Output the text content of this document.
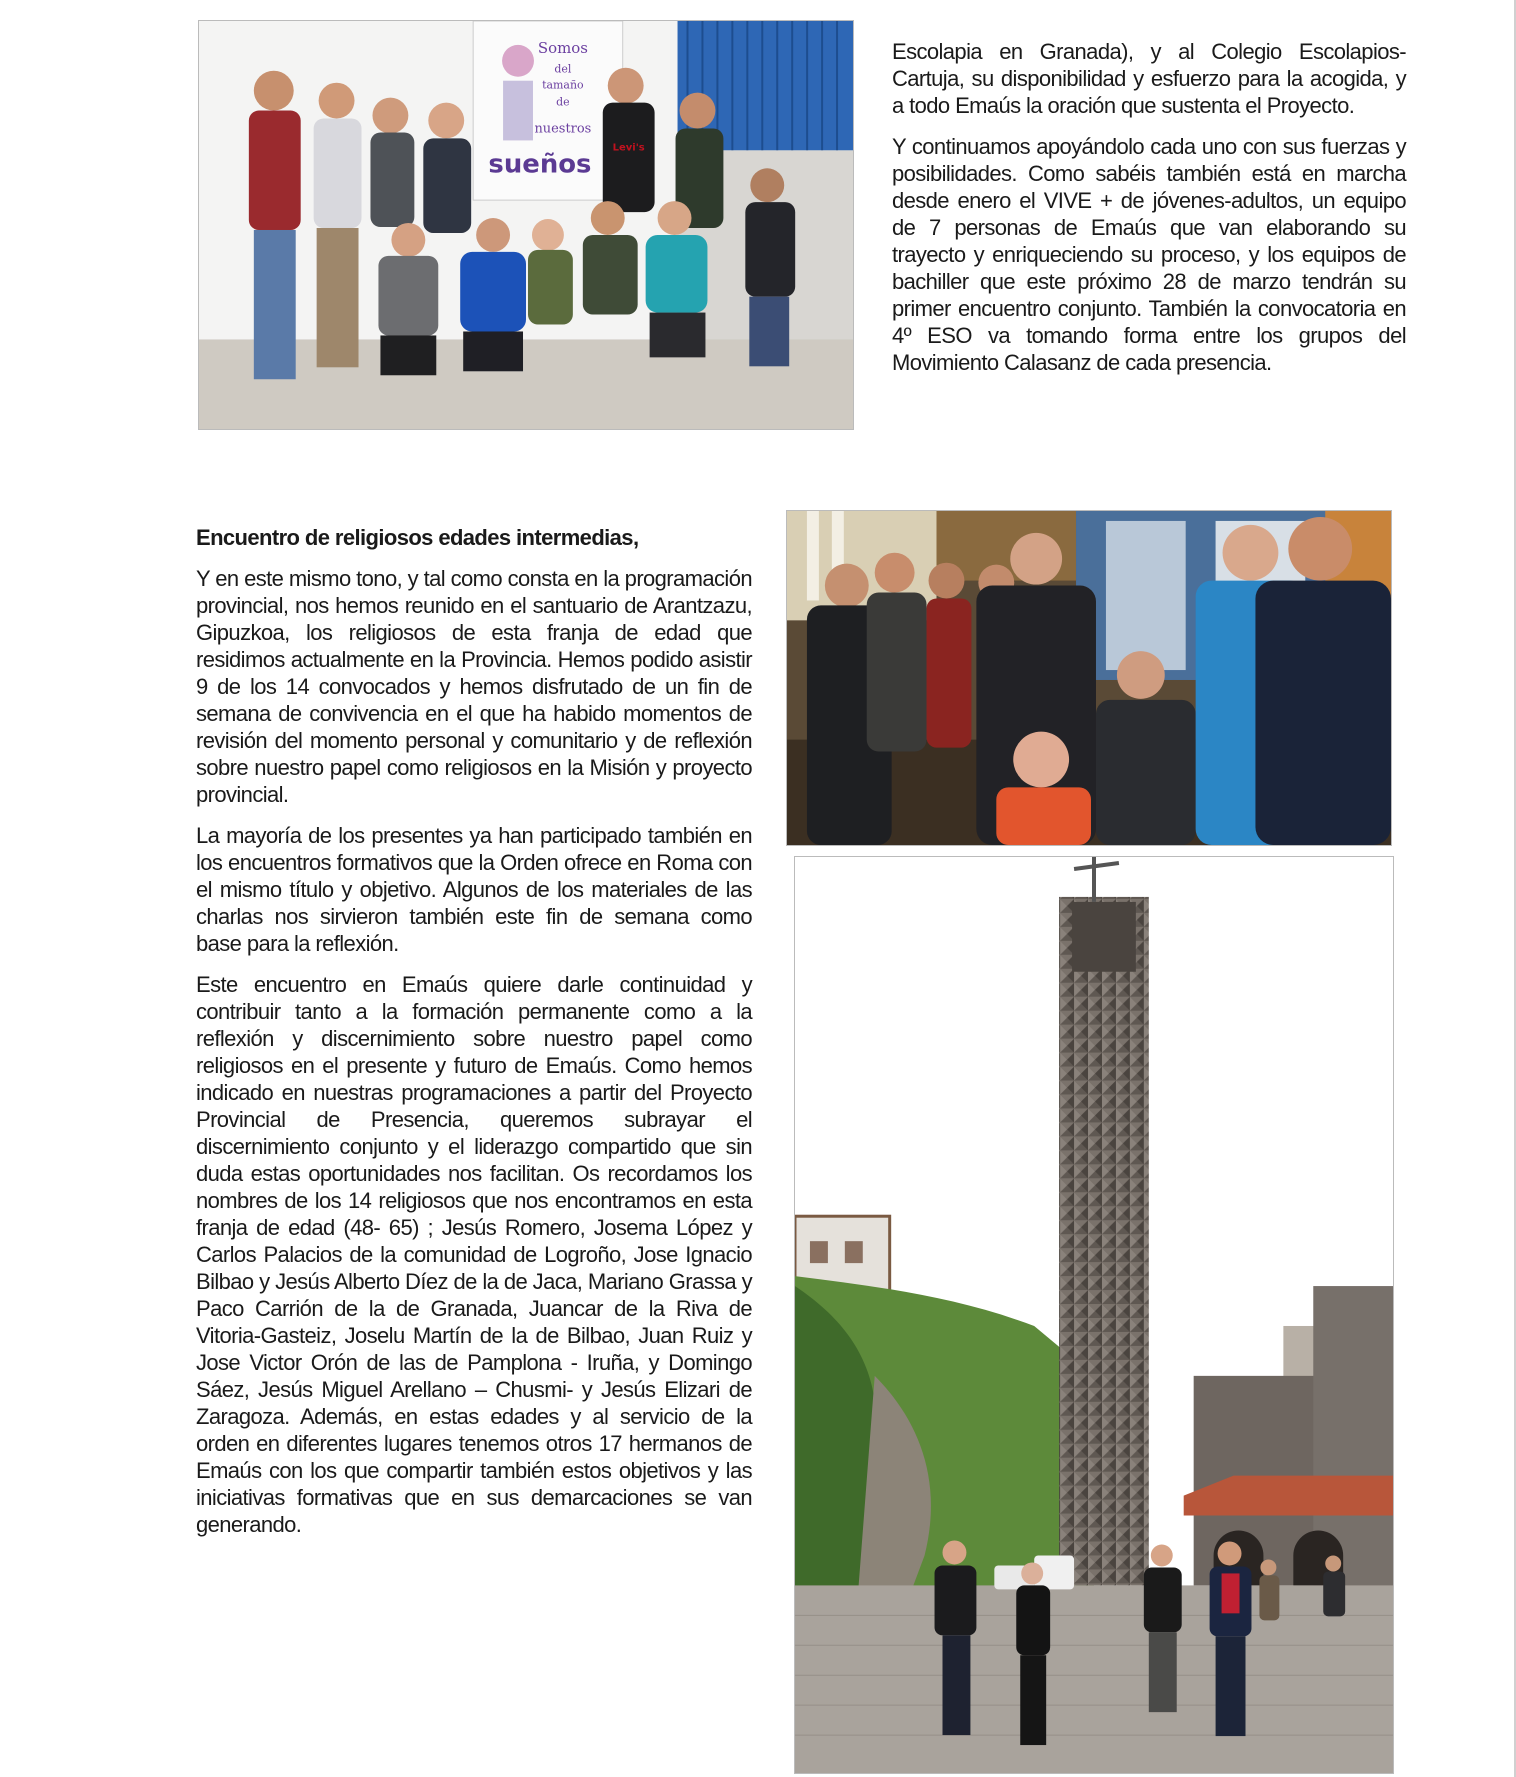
Somos
del
tamaño
de
nuestros
sueños
Levi's

Escolapia en Granada), y al Colegio Escolapios-Cartuja, su disponibilidad y esfuerzo para la acogida, y a todo Emaús la oración que sustenta el Proyecto.

Y continuamos apoyándolo cada uno con sus fuerzas y posibilidades. Como sabéis también está en marcha desde enero el VIVE + de jóvenes-adultos, un equipo de 7 personas de Emaús que van elaborando su trayecto y enriqueciendo su proceso, y los equipos de bachiller que este próximo 28 de marzo tendrán su primer encuentro conjunto. También la convocatoria en 4º ESO va tomando forma entre los grupos del Movimiento Calasanz de cada presencia.

Encuentro de religiosos edades intermedias,

Y en este mismo tono, y tal como consta en la programación provincial, nos hemos reunido en el santuario de Arantzazu, Gipuzkoa, los religiosos de esta franja de edad que residimos actualmente en la Provincia. Hemos podido asistir 9 de los 14 convocados y hemos disfrutado de un fin de semana de convivencia en el que ha habido momentos de revisión del momento personal y comunitario y de reflexión sobre nuestro papel como religiosos en la Misión y proyecto provincial.

La mayoría de los presentes ya han participado también en los encuentros formativos que la Orden ofrece en Roma con el mismo título y objetivo. Algunos de los materiales de las charlas nos sirvieron también este fin de semana como base para la reflexión.

Este encuentro en Emaús quiere darle continuidad y contribuir tanto a la formación permanente como a la reflexión y discernimiento sobre nuestro papel como religiosos en el presente y futuro de Emaús. Como hemos indicado en nuestras programaciones a partir del Proyecto Provincial de Presencia, queremos subrayar el discernimiento conjunto y el liderazgo compartido que sin duda estas oportunidades nos facilitan. Os recordamos los nombres de los 14 religiosos que nos encontramos en esta franja de edad (48- 65) ; Jesús Romero, Josema López y Carlos Palacios de la comunidad de Logroño, Jose Ignacio Bilbao y Jesús Alberto Díez de la de Jaca, Mariano Grassa y Paco Carrión de la de Granada, Juancar de la Riva de Vitoria-Gasteiz, Joselu Martín de la de Bilbao, Juan Ruiz y Jose Victor Orón de las de Pamplona - Iruña, y Domingo Sáez, Jesús Miguel Arellano – Chusmi- y Jesús Elizari de Zaragoza. Además, en estas edades y al servicio de la orden en diferentes lugares tenemos otros 17 hermanos de Emaús con los que compartir también estos objetivos y las iniciativas formativas que en sus demarcaciones se van generando.
